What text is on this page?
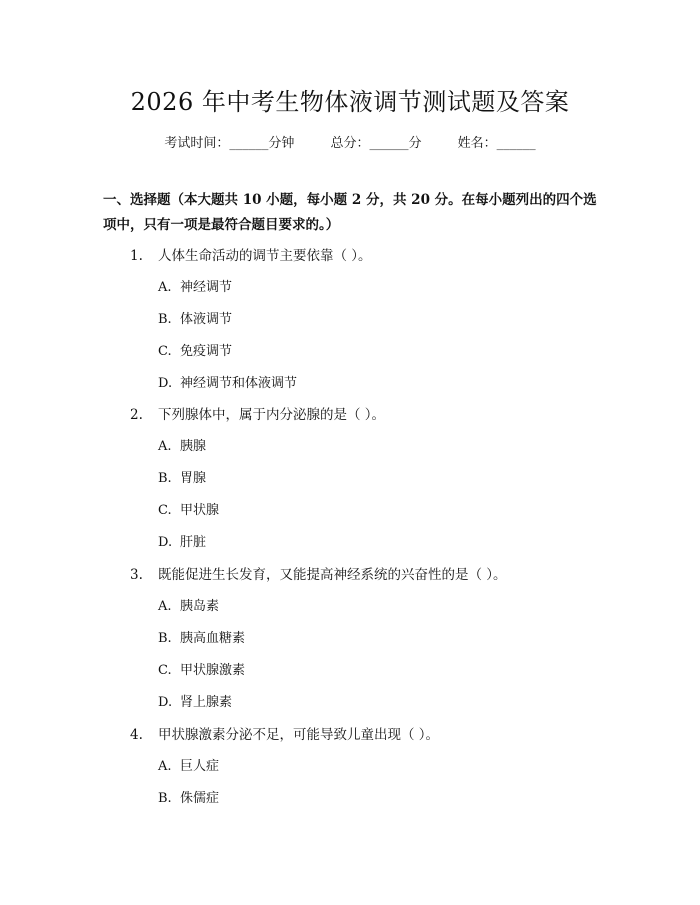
2026 年中考生物体液调节测试题及答案
考试时间：______分钟	总分：______分	姓名：______
一、选择题（本大题共 10 小题，每小题 2 分，共 20 分。在每小题列出的四个选项中，只有一项是最符合题目要求的。）
1. 人体生命活动的调节主要依靠（ ）。
A. 神经调节
B. 体液调节
C. 免疫调节
D. 神经调节和体液调节
2. 下列腺体中，属于内分泌腺的是（ ）。
A. 胰腺
B. 胃腺
C. 甲状腺
D. 肝脏
3. 既能促进生长发育，又能提高神经系统的兴奋性的是（ ）。
A. 胰岛素
B. 胰高血糖素
C. 甲状腺激素
D. 肾上腺素
4. 甲状腺激素分泌不足，可能导致儿童出现（ ）。
A. 巨人症
B. 侏儒症
